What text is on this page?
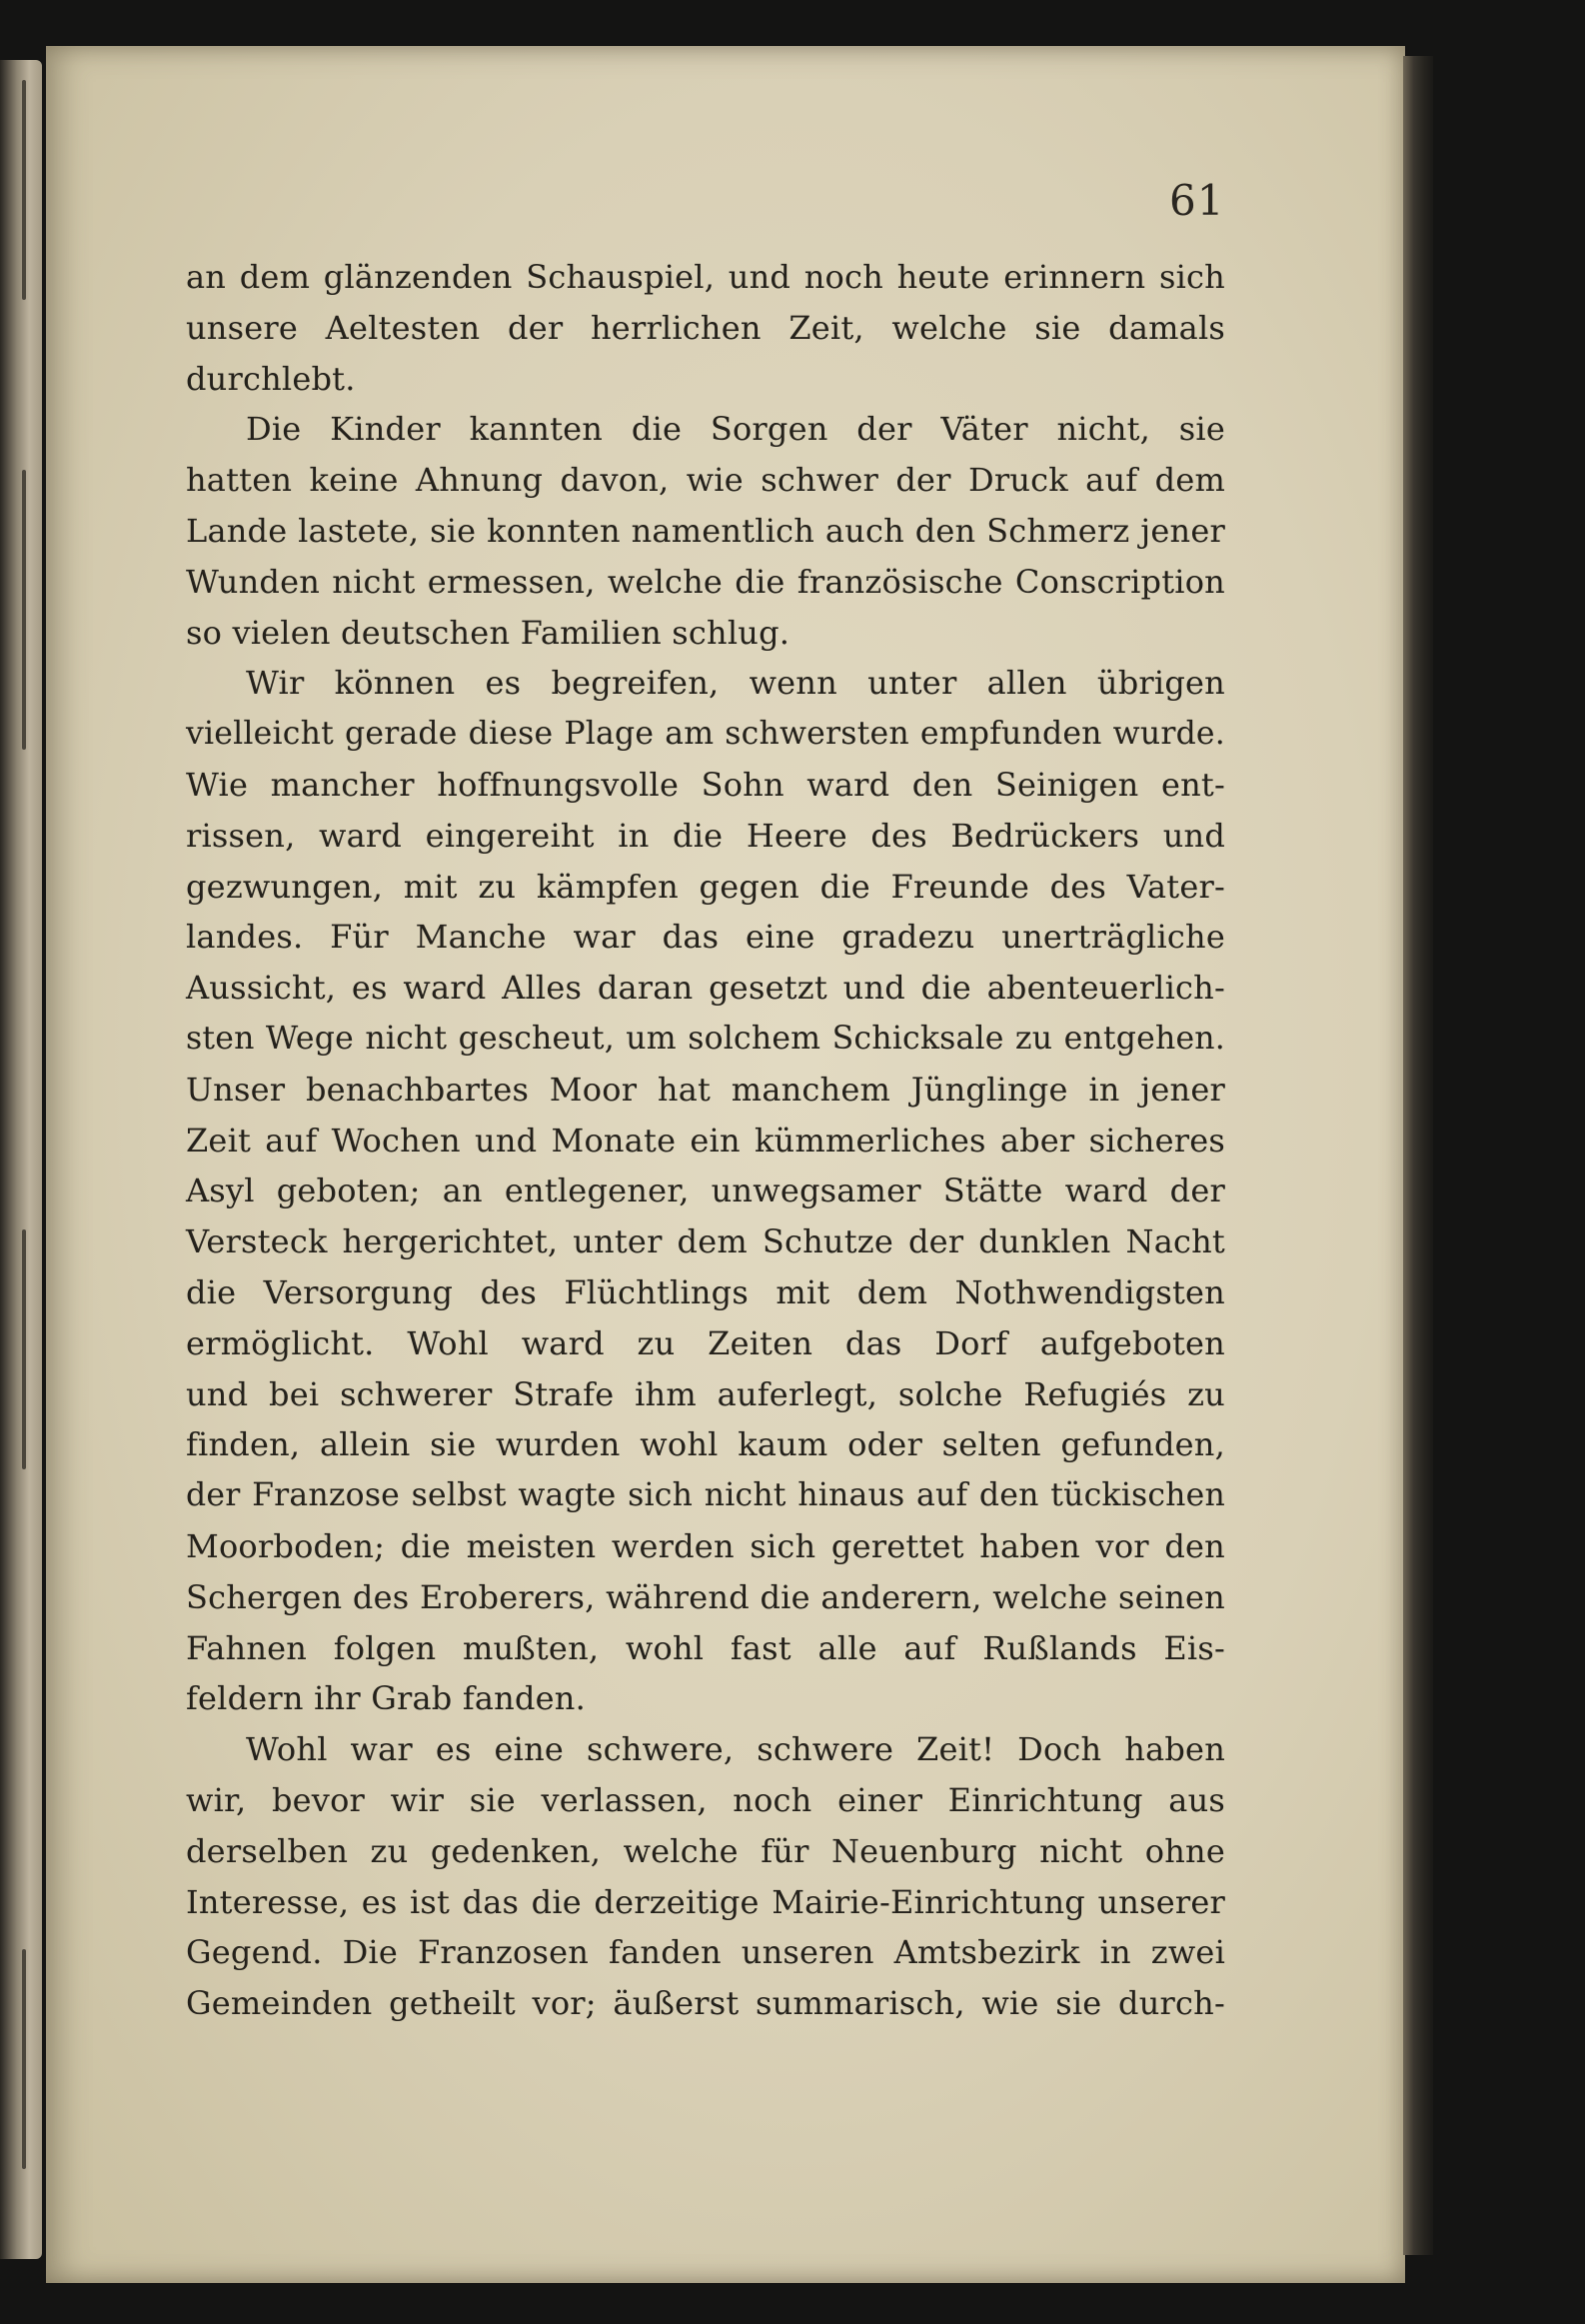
61
an dem glänzenden Schauspiel, und noch heute erinnern sich
unsere Aeltesten der herrlichen Zeit, welche sie damals
durchlebt.
Die Kinder kannten die Sorgen der Väter nicht, sie
hatten keine Ahnung davon, wie schwer der Druck auf dem
Lande lastete, sie konnten namentlich auch den Schmerz jener
Wunden nicht ermessen, welche die französische Conscription
so vielen deutschen Familien schlug.
Wir können es begreifen, wenn unter allen übrigen
vielleicht gerade diese Plage am schwersten empfunden wurde.
Wie mancher hoffnungsvolle Sohn ward den Seinigen ent-
rissen, ward eingereiht in die Heere des Bedrückers und
gezwungen, mit zu kämpfen gegen die Freunde des Vater-
landes. Für Manche war das eine gradezu unerträgliche
Aussicht, es ward Alles daran gesetzt und die abenteuerlich-
sten Wege nicht gescheut, um solchem Schicksale zu entgehen.
Unser benachbartes Moor hat manchem Jünglinge in jener
Zeit auf Wochen und Monate ein kümmerliches aber sicheres
Asyl geboten; an entlegener, unwegsamer Stätte ward der
Versteck hergerichtet, unter dem Schutze der dunklen Nacht
die Versorgung des Flüchtlings mit dem Nothwendigsten
ermöglicht. Wohl ward zu Zeiten das Dorf aufgeboten
und bei schwerer Strafe ihm auferlegt, solche Refugiés zu
finden, allein sie wurden wohl kaum oder selten gefunden,
der Franzose selbst wagte sich nicht hinaus auf den tückischen
Moorboden; die meisten werden sich gerettet haben vor den
Schergen des Eroberers, während die anderern, welche seinen
Fahnen folgen mußten, wohl fast alle auf Rußlands Eis-
feldern ihr Grab fanden.
Wohl war es eine schwere, schwere Zeit! Doch haben
wir, bevor wir sie verlassen, noch einer Einrichtung aus
derselben zu gedenken, welche für Neuenburg nicht ohne
Interesse, es ist das die derzeitige Mairie-Einrichtung unserer
Gegend. Die Franzosen fanden unseren Amtsbezirk in zwei
Gemeinden getheilt vor; äußerst summarisch, wie sie durch-
